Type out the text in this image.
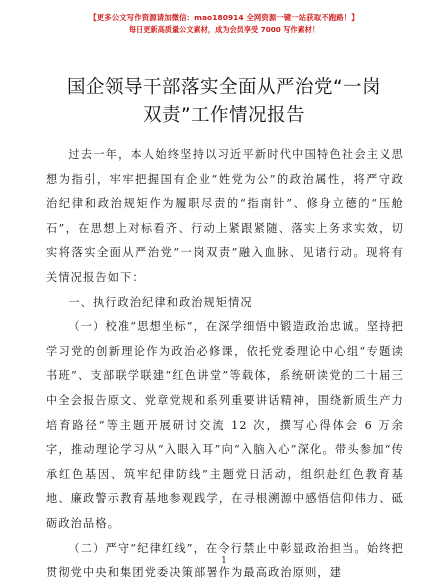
【更多公文写作资源请加微信：mao180914 全网资源一键一站获取不跑路！】
每日更新高质量公文素材，成为会员享受 7000 写作素材！
国企领导干部落实全面从严治党“一岗双责”工作情况报告

过去一年，本人始终坚持以习近平新时代中国特色社会主义思想为指引，牢牢把握国有企业“姓党为公”的政治属性，将严守政治纪律和政治规矩作为履职尽责的“指南针”、修身立德的“压舱石”，在思想上对标看齐、行动上紧跟紧随、落实上务求实效，切实将落实全面从严治党“一岗双责”融入血脉、见诸行动。现将有关情况报告如下：

一、执行政治纪律和政治规矩情况

（一）校准“思想坐标”，在深学细悟中锻造政治忠诚。坚持把学习党的创新理论作为政治必修课，依托党委理论中心组“专题读书班”、支部联学联建“红色讲堂”等载体，系统研读党的二十届三中全会报告原文、党章党规和系列重要讲话精神，围绕新质生产力培育路径”等主题开展研讨交流 12 次，撰写心得体会 6 万余字，推动理论学习从“入眼入耳”向“入脑入心”深化。带头参加“传承红色基因、筑牢纪律防线”主题党日活动，组织赴红色教育基地、廉政警示教育基地参观践学，在寻根溯源中感悟信仰伟力、砥砺政治品格。

（二）严守“纪律红线”，在令行禁止中彰显政治担当。始终把贯彻党中央和集团党委决策部署作为最高政治原则，建

1
